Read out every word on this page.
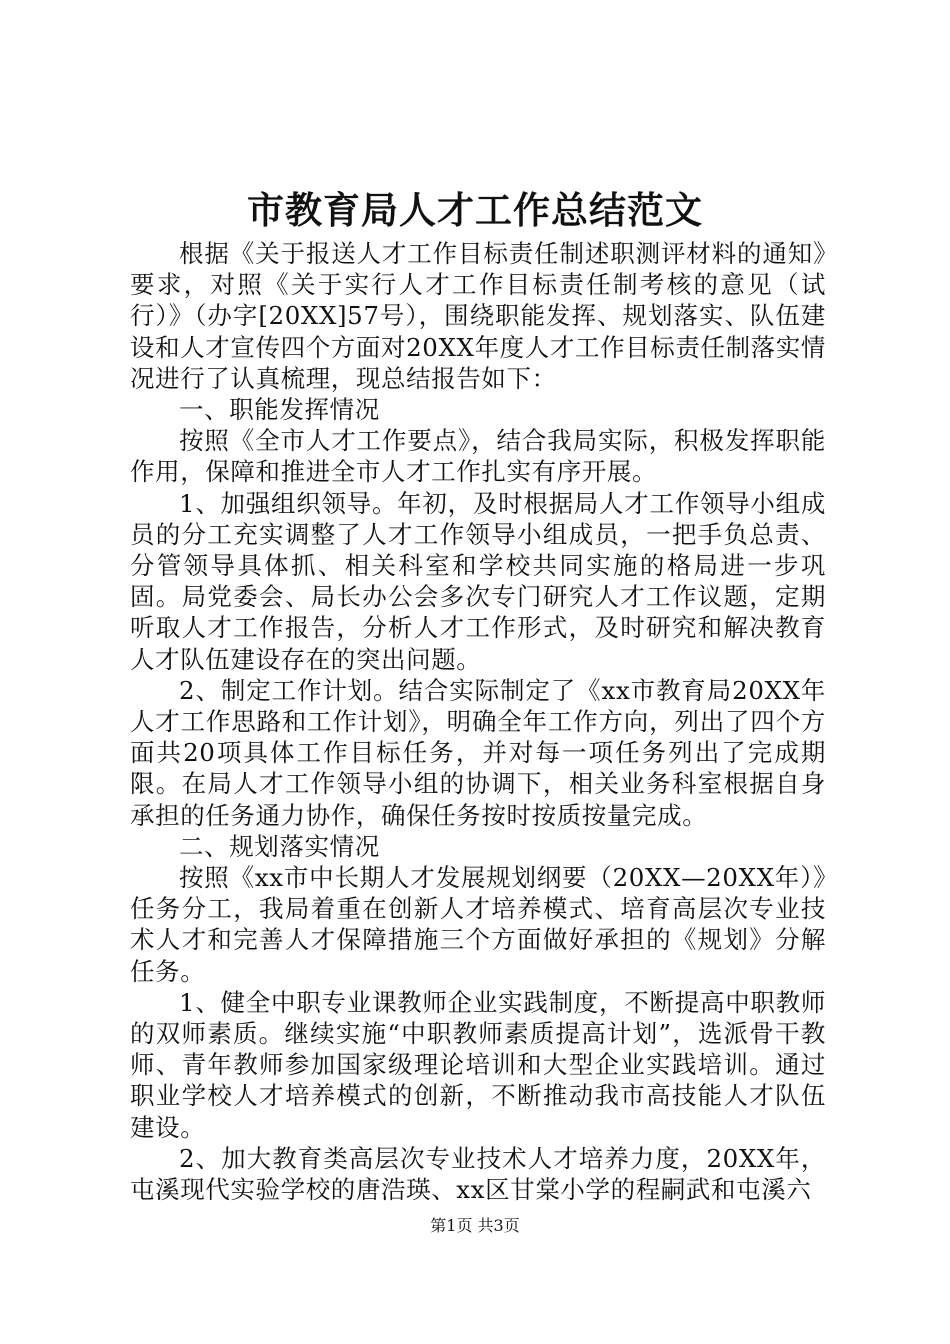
市教育局人才工作总结范文

根据《关于报送人才工作目标责任制述职测评材料的通知》要求，对照《关于实行人才工作目标责任制考核的意见（试行）》（办字[20XX]57号），围绕职能发挥、规划落实、队伍建设和人才宣传四个方面对20XX年度人才工作目标责任制落实情况进行了认真梳理，现总结报告如下：

一、职能发挥情况

按照《全市人才工作要点》，结合我局实际，积极发挥职能作用，保障和推进全市人才工作扎实有序开展。

1、加强组织领导。年初，及时根据局人才工作领导小组成员的分工充实调整了人才工作领导小组成员，一把手负总责、分管领导具体抓、相关科室和学校共同实施的格局进一步巩固。局党委会、局长办公会多次专门研究人才工作议题，定期听取人才工作报告，分析人才工作形式，及时研究和解决教育人才队伍建设存在的突出问题。

2、制定工作计划。结合实际制定了《xx市教育局20XX年人才工作思路和工作计划》，明确全年工作方向，列出了四个方面共20项具体工作目标任务，并对每一项任务列出了完成期限。在局人才工作领导小组的协调下，相关业务科室根据自身承担的任务通力协作，确保任务按时按质按量完成。

二、规划落实情况

按照《xx市中长期人才发展规划纲要（20XX—20XX年）》任务分工，我局着重在创新人才培养模式、培育高层次专业技术人才和完善人才保障措施三个方面做好承担的《规划》分解任务。

1、健全中职专业课教师企业实践制度，不断提高中职教师的双师素质。继续实施“中职教师素质提高计划”，选派骨干教师、青年教师参加国家级理论培训和大型企业实践培训。通过职业学校人才培养模式的创新，不断推动我市高技能人才队伍建设。

2、加大教育类高层次专业技术人才培养力度，20XX年，屯溪现代实验学校的唐浩瑛、xx区甘棠小学的程嗣武和屯溪六

第1页 共3页
